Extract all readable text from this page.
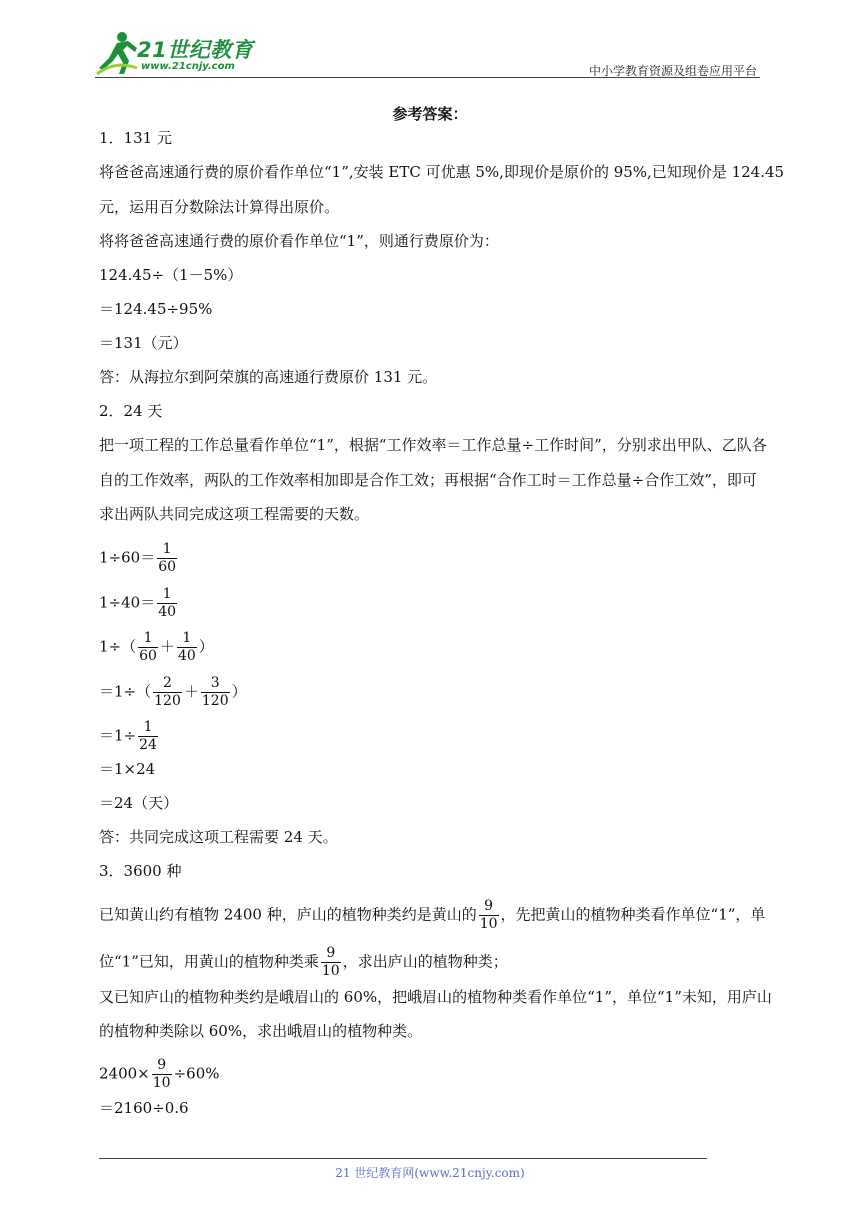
21世纪教育
www.21cnjy.com	中小学教育资源及组卷应用平台
参考答案：
1．131 元
将爸爸高速通行费的原价看作单位“1”,安装 ETC 可优惠 5%,即现价是原价的 95%,已知现价是 124.45
元，运用百分数除法计算得出原价。
将将爸爸高速通行费的原价看作单位“1”，则通行费原价为：
124.45÷（1－5%）
＝124.45÷95%
＝131（元）
答：从海拉尔到阿荣旗的高速通行费原价 131 元。
2．24 天
把一项工程的工作总量看作单位“1”，根据“工作效率＝工作总量÷工作时间”，分别求出甲队、乙队各
自的工作效率，两队的工作效率相加即是合作工效；再根据“合作工时＝工作总量÷合作工效”，即可
求出两队共同完成这项工程需要的天数。
$1\div 60= \frac{1}{60}$
$1\div 40= \frac{1}{40}$
$1\div( \frac{1}{60} + \frac{1}{40}$ ）
$=1\div( \frac{2}{120} + \frac{3}{120}$ ）
$=1\div \frac{1}{24}$
＝1×24
＝24（天）
答：共同完成这项工程需要 24 天。
3．3600 种
已知黄山约有植物 2400 种，庐山的植物种类约是黄山的 $\frac{9}{10}$ ，先把黄山的植物种类看作单位“1”，单
位“1”已知，用黄山的植物种类乘 $\frac{9}{10}$ ，求出庐山的植物种类；
又已知庐山的植物种类约是峨眉山的 60%，把峨眉山的植物种类看作单位“1”，单位“1”未知，用庐山
的植物种类除以 60%，求出峨眉山的植物种类。
$2400\times \frac{9}{10} \div 60\%$
＝2160÷0.6
21 世纪教育网(www.21cnjy.com)
